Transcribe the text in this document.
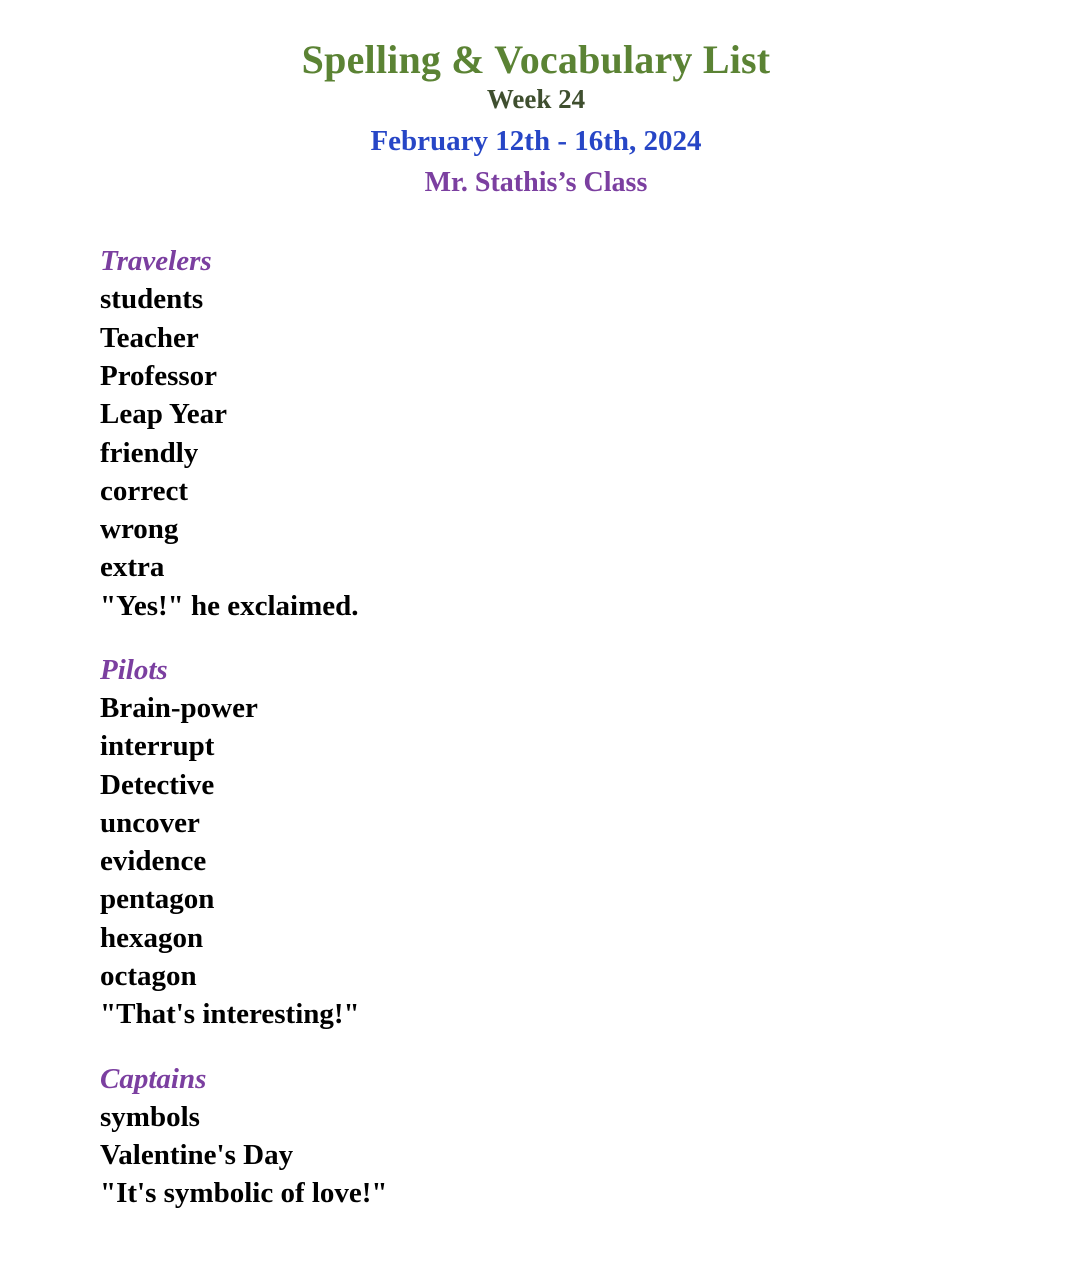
Spelling & Vocabulary List
Week 24
February 12th - 16th, 2024
Mr. Stathis’s Class
Travelers
students
Teacher
Professor
Leap Year
friendly
correct
wrong
extra
"Yes!" he exclaimed.
Pilots
Brain-power
interrupt
Detective
uncover
evidence
pentagon
hexagon
octagon
"That's interesting!"
Captains
symbols
Valentine's Day
"It's symbolic of love!"
